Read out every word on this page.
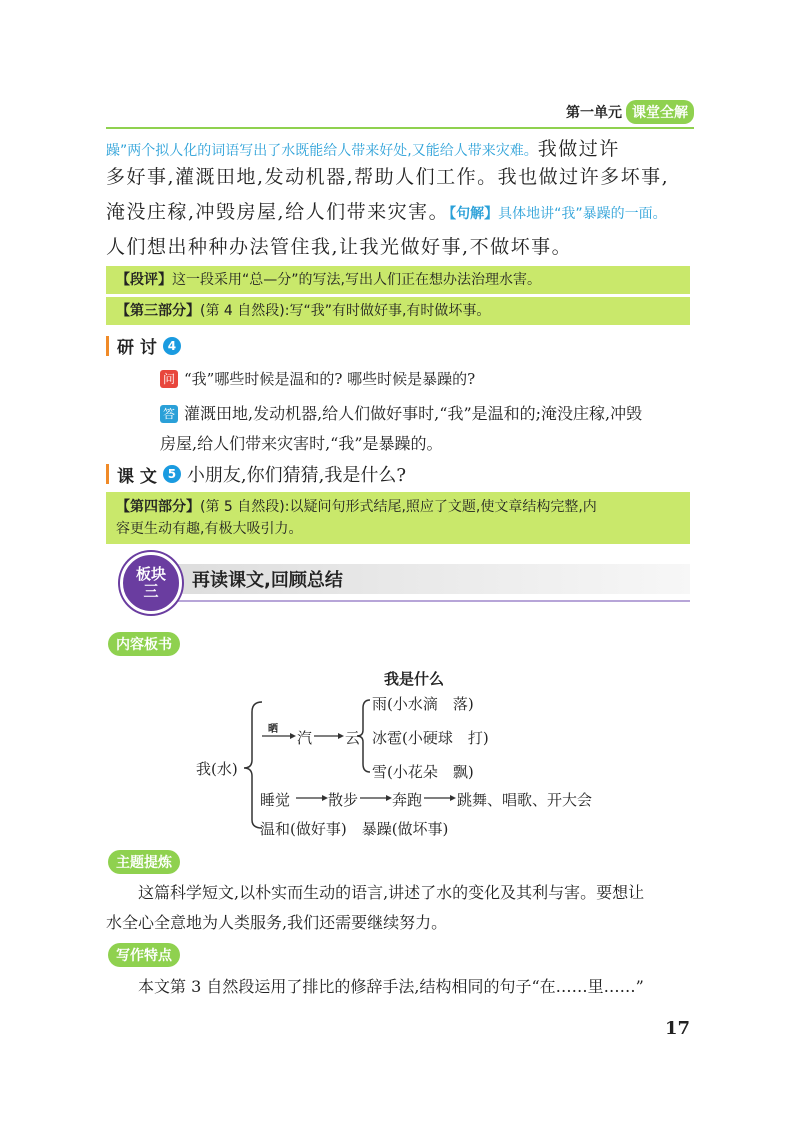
第一单元 课堂全解
躁”两个拟人化的词语写出了水既能给人带来好处,又能给人带来灾难。我做过许
多好事,灌溉田地,发动机器,帮助人们工作。我也做过许多坏事,
淹没庄稼,冲毁房屋,给人们带来灾害。【句解】具体地讲“我”暴躁的一面。
人们想出种种办法管住我,让我光做好事,不做坏事。
【段评】这一段采用“总—分”的写法,写出人们正在想办法治理水害。
【第三部分】(第 4 自然段):写“我”有时做好事,有时做坏事。
研 讨 4
问 “我”哪些时候是温和的? 哪些时候是暴躁的?
答 灌溉田地,发动机器,给人们做好事时,“我”是温和的;淹没庄稼,冲毁
房屋,给人们带来灾害时,“我”是暴躁的。
课 文 5 小朋友,你们猜猜,我是什么?
【第四部分】(第 5 自然段):以疑问句形式结尾,照应了文题,使文章结构完整,内
容更生动有趣,有极大吸引力。
板块三	再读课文,回顾总结
内容板书
我是什么
我(水)
晒 汽 云
雨(小水滴　落)
冰雹(小硬球　打)
雪(小花朵　飘)
睡觉	散步 奔跑 跳舞、唱歌、开大会
温和(做好事)　暴躁(做坏事)
主题提炼
这篇科学短文,以朴实而生动的语言,讲述了水的变化及其利与害。要想让
水全心全意地为人类服务,我们还需要继续努力。
写作特点
本文第 3 自然段运用了排比的修辞手法,结构相同的句子“在……里……”
17
